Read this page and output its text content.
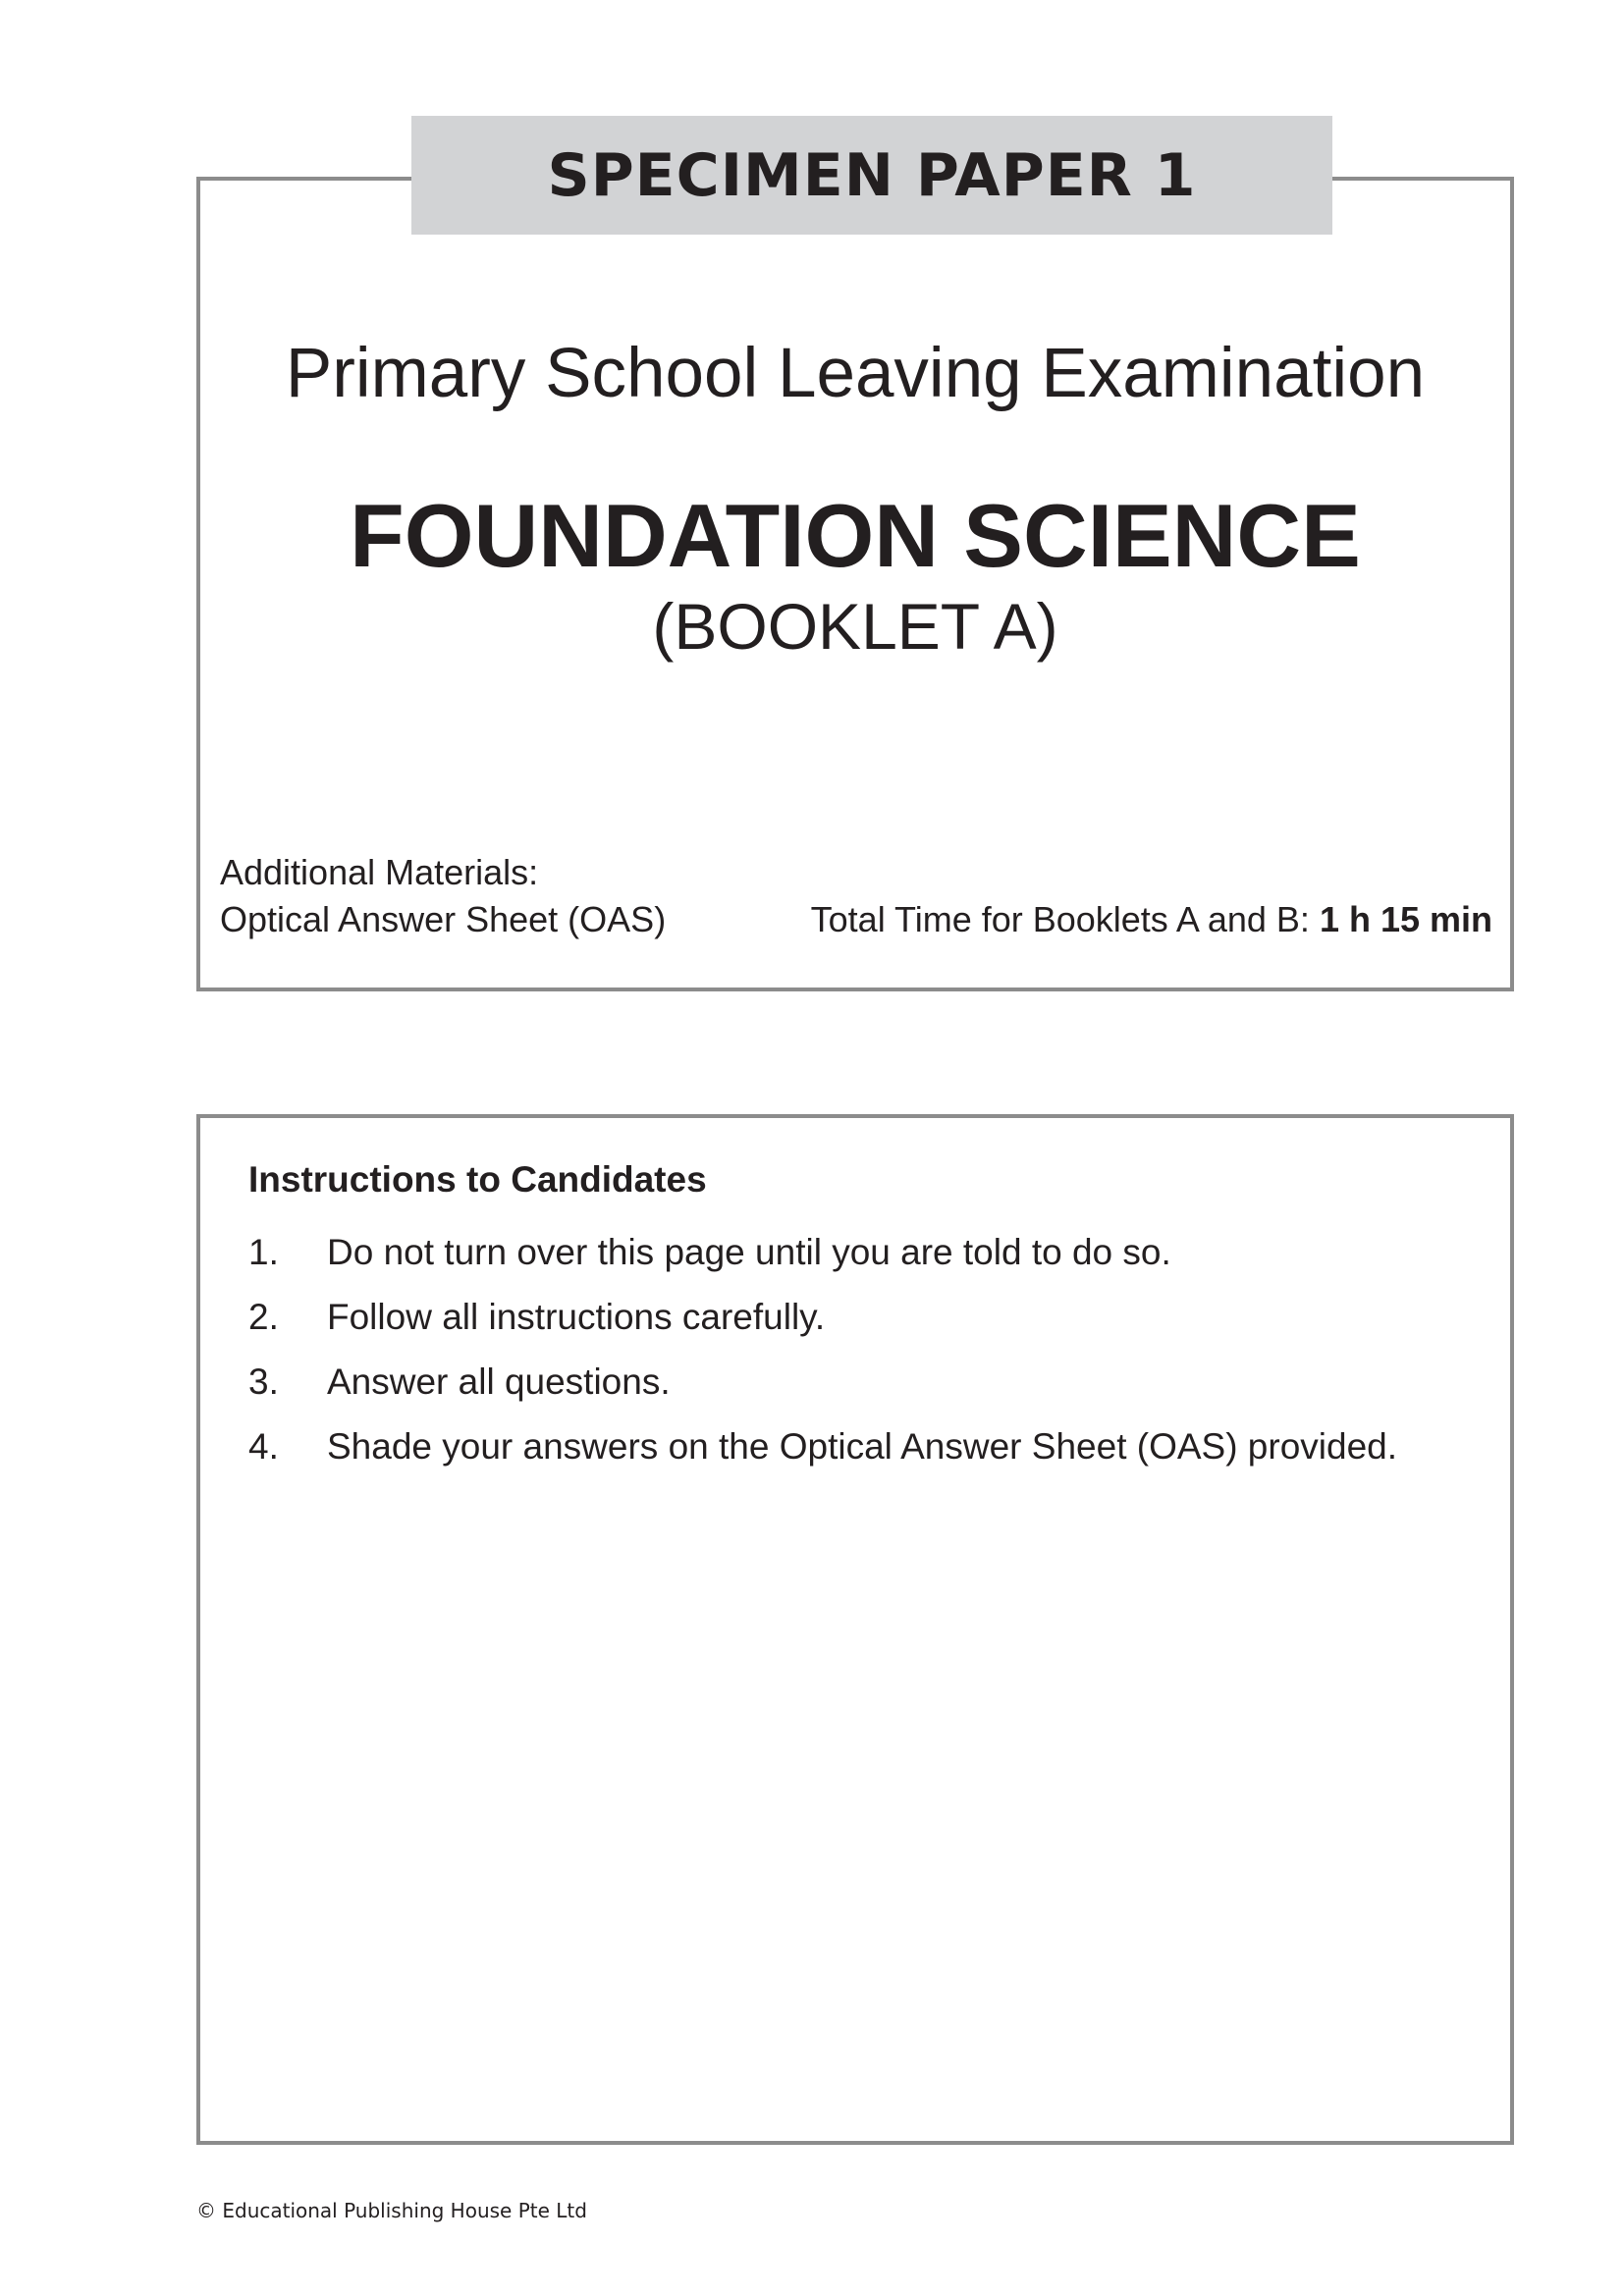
SPECIMEN PAPER 1
Primary School Leaving Examination
FOUNDATION SCIENCE
(BOOKLET A)
Additional Materials:
Optical Answer Sheet (OAS)	Total Time for Booklets A and B: 1 h 15 min
Instructions to Candidates
1.	Do not turn over this page until you are told to do so.
2.	Follow all instructions carefully.
3.	Answer all questions.
4.	Shade your answers on the Optical Answer Sheet (OAS) provided.
© Educational Publishing House Pte Ltd
